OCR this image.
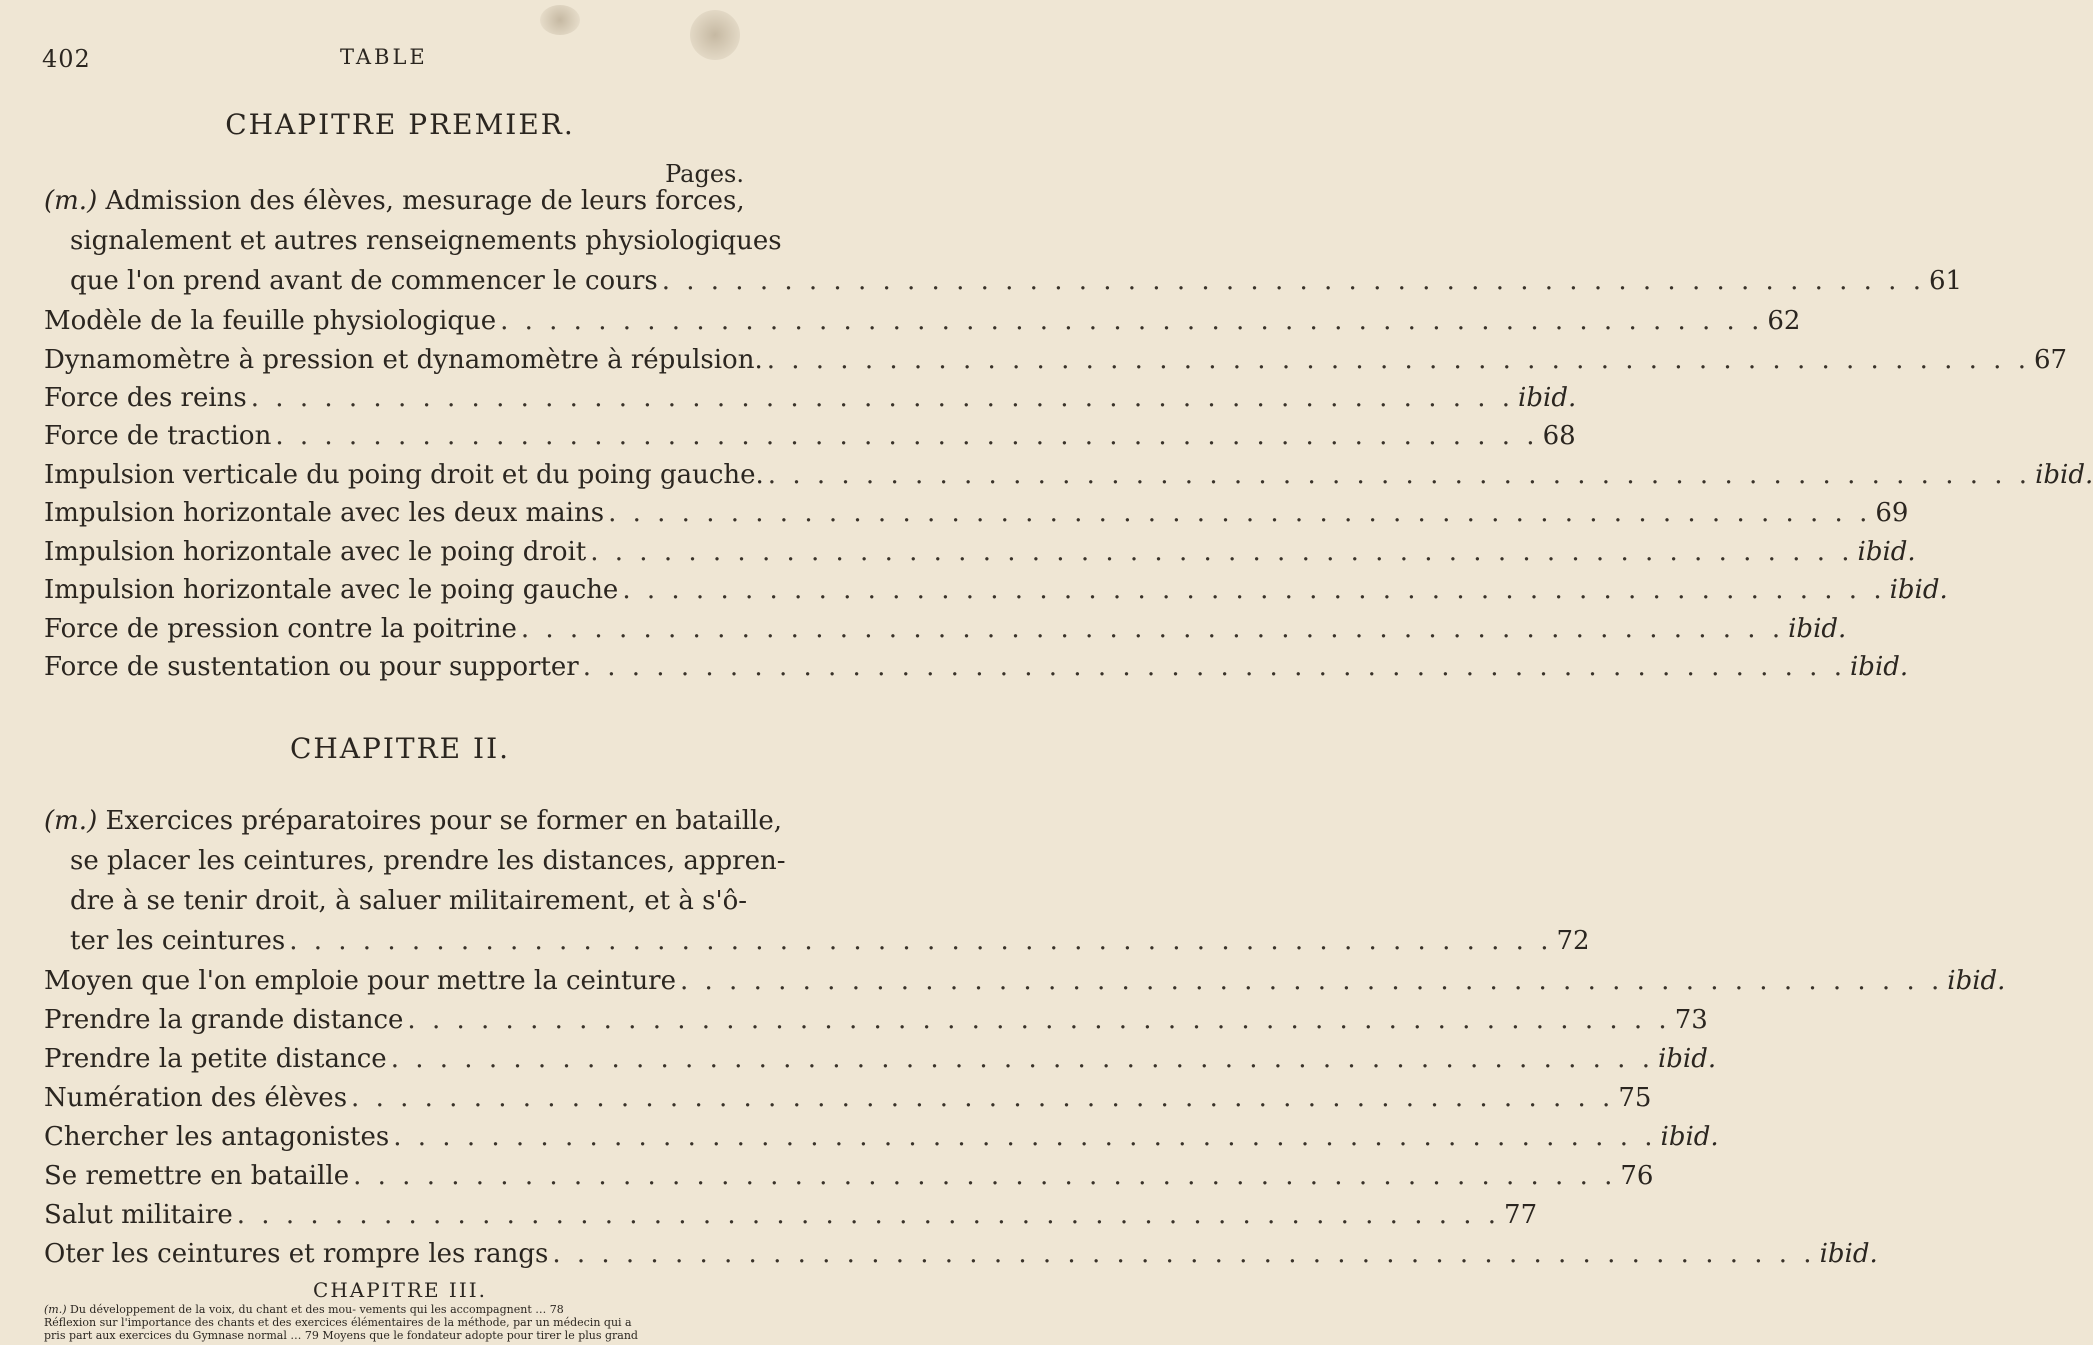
402	TABLE
CHAPITRE PREMIER.
Pages.
(m.) Admission des élèves, mesurage de leurs forces,
signalement et autres renseignements physiologiques
que l'on prend avant de commencer le cours . . .	61
Modèle de la feuille physiologique . . .	62
Dynamomètre à pression et dynamomètre à répulsion. . . .	67
Force des reins . . .	ibid.
Force de traction . . .	68
Impulsion verticale du poing droit et du poing gauche. . . .	ibid.
Impulsion horizontale avec les deux mains . . .	69
Impulsion horizontale avec le poing droit . . .	ibid.
Impulsion horizontale avec le poing gauche . . .	ibid.
Force de pression contre la poitrine . . .	ibid.
Force de sustentation ou pour supporter . . .	ibid.
CHAPITRE II.
(m.) Exercices préparatoires pour se former en bataille,
se placer les ceintures, prendre les distances, appren-
dre à se tenir droit, à saluer militairement, et à s'ô-
ter les ceintures . . .	72
Moyen que l'on emploie pour mettre la ceinture . . .	ibid.
Prendre la grande distance . . .	73
Prendre la petite distance . . .	ibid.
Numération des élèves . . .	75
Chercher les antagonistes . . .	ibid.
Se remettre en bataille . . .	76
Salut militaire . . .	77
Oter les ceintures et rompre les rangs . . .	ibid.
CHAPITRE III.
(m.) Du développement de la voix, du chant et des mou- vements qui les accompagnent … 78
Réflexion sur l'importance des chants et des exercices élémentaires de la méthode, par un médecin qui a
pris part aux exercices du Gymnase normal … 79 Moyens que le fondateur adopte pour tirer le plus grand
